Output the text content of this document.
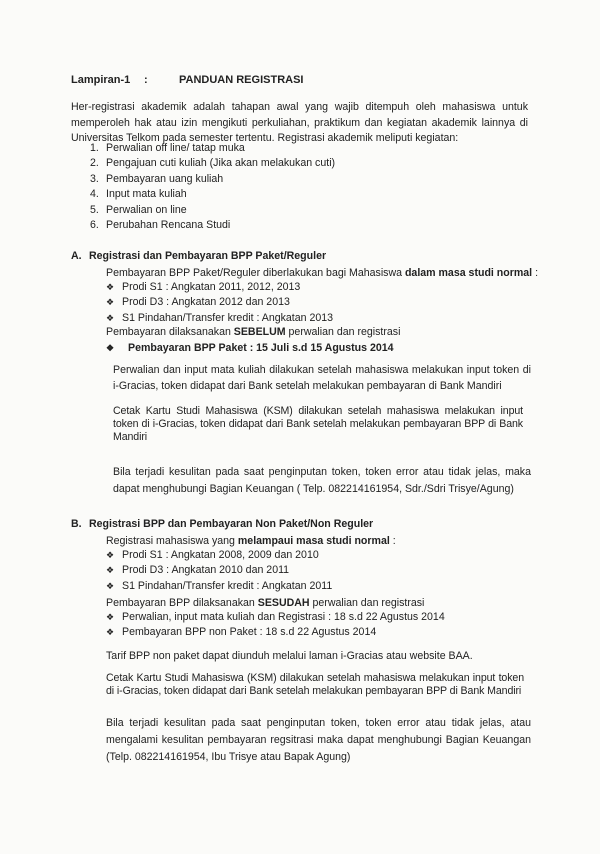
Lampiran-1 :	PANDUAN REGISTRASI
Her-registrasi akademik adalah tahapan awal yang wajib ditempuh oleh mahasiswa untuk memperoleh hak atau izin mengikuti perkuliahan, praktikum dan kegiatan akademik lainnya di Universitas Telkom pada semester tertentu. Registrasi akademik meliputi kegiatan:
1. Perwalian off line/ tatap muka
2. Pengajuan cuti kuliah (Jika akan melakukan cuti)
3. Pembayaran uang kuliah
4. Input mata kuliah
5. Perwalian on line
6. Perubahan Rencana Studi
A. Registrasi dan Pembayaran BPP Paket/Reguler
Pembayaran BPP Paket/Reguler diberlakukan bagi Mahasiswa dalam masa studi normal :
❖ Prodi S1 : Angkatan 2011, 2012, 2013
❖ Prodi D3 : Angkatan 2012 dan 2013
❖ S1 Pindahan/Transfer kredit : Angkatan 2013
Pembayaran dilaksanakan SEBELUM perwalian dan registrasi
❖ Pembayaran BPP Paket : 15 Juli s.d 15 Agustus 2014
Perwalian dan input mata kuliah dilakukan setelah mahasiswa melakukan input token di i-Gracias, token didapat dari Bank setelah melakukan pembayaran di Bank Mandiri
Cetak Kartu Studi Mahasiswa (KSM) dilakukan setelah mahasiswa melakukan input token di i-Gracias, token didapat dari Bank setelah melakukan pembayaran BPP di Bank Mandiri
Bila terjadi kesulitan pada saat penginputan token, token error atau tidak jelas, maka dapat menghubungi Bagian Keuangan ( Telp. 082214161954, Sdr./Sdri Trisye/Agung)
B. Registrasi BPP dan Pembayaran Non Paket/Non Reguler
Registrasi mahasiswa yang melampaui masa studi normal :
❖ Prodi S1 : Angkatan 2008, 2009 dan 2010
❖ Prodi D3 : Angkatan 2010 dan 2011
❖ S1 Pindahan/Transfer kredit : Angkatan 2011
Pembayaran BPP dilaksanakan SESUDAH perwalian dan registrasi
❖ Perwalian, input mata kuliah dan Registrasi : 18 s.d 22 Agustus 2014
❖ Pembayaran BPP non Paket : 18 s.d 22 Agustus 2014
Tarif BPP non paket dapat diunduh melalui laman i-Gracias atau website BAA.
Cetak Kartu Studi Mahasiswa (KSM) dilakukan setelah mahasiswa melakukan input token di i-Gracias, token didapat dari Bank setelah melakukan pembayaran BPP di Bank Mandiri
Bila terjadi kesulitan pada saat penginputan token, token error atau tidak jelas, atau mengalami kesulitan pembayaran regsitrasi maka dapat menghubungi Bagian Keuangan (Telp. 082214161954, Ibu Trisye atau Bapak Agung)
